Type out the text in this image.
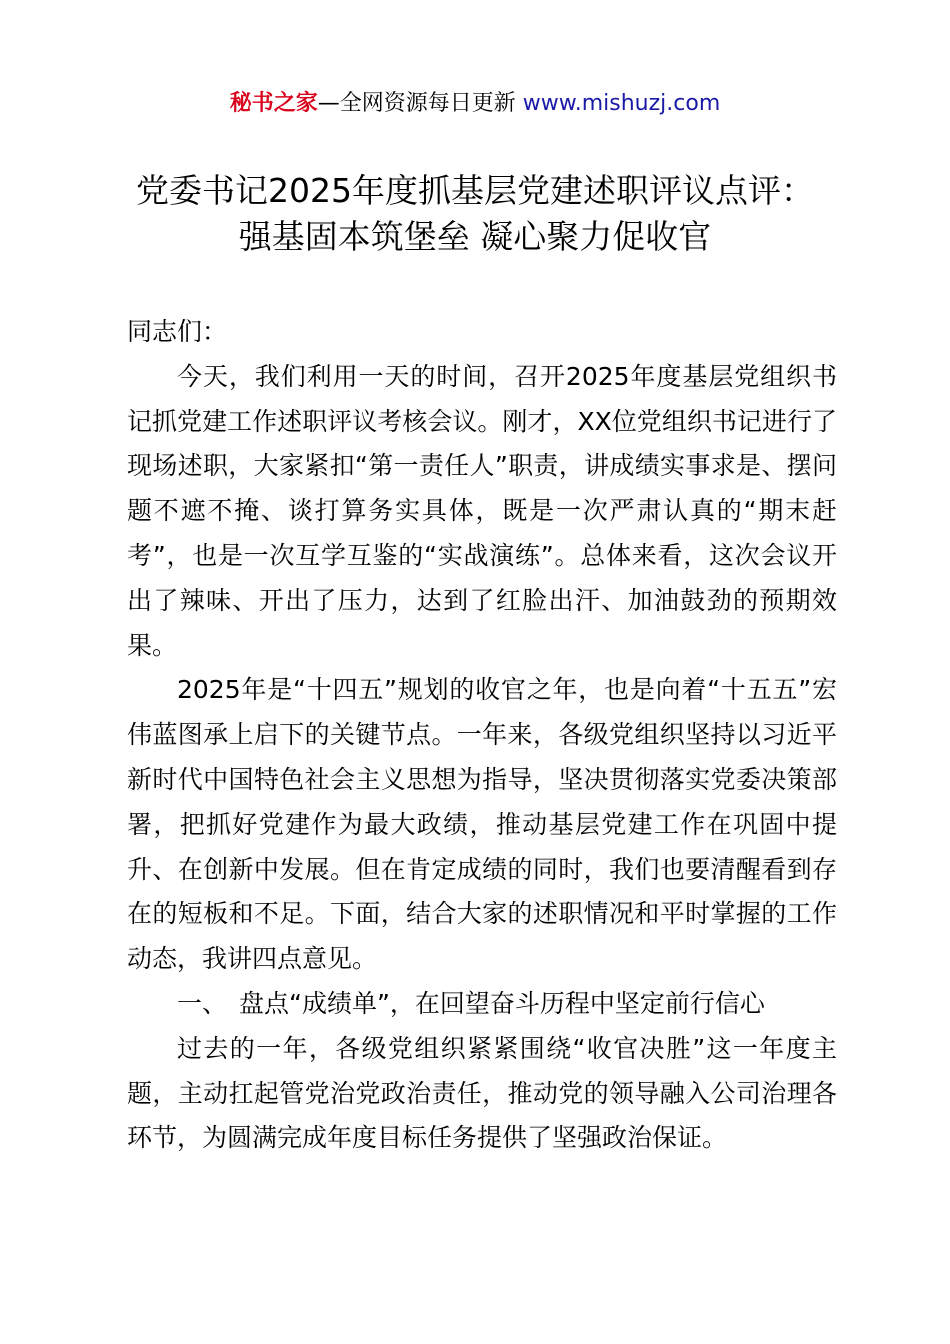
秘书之家—全网资源每日更新 www.mishuzj.com
党委书记2025年度抓基层党建述职评议点评：
强基固本筑堡垒 凝心聚力促收官

同志们：

今天，我们利用一天的时间，召开2025年度基层党组织书记抓党建工作述职评议考核会议。刚才，XX位党组织书记进行了现场述职，大家紧扣“第一责任人”职责，讲成绩实事求是、摆问题不遮不掩、谈打算务实具体，既是一次严肃认真的“期末赶考”，也是一次互学互鉴的“实战演练”。总体来看，这次会议开出了辣味、开出了压力，达到了红脸出汗、加油鼓劲的预期效果。

2025年是“十四五”规划的收官之年，也是向着“十五五”宏伟蓝图承上启下的关键节点。一年来，各级党组织坚持以习近平新时代中国特色社会主义思想为指导，坚决贯彻落实党委决策部署，把抓好党建作为最大政绩，推动基层党建工作在巩固中提升、在创新中发展。但在肯定成绩的同时，我们也要清醒看到存在的短板和不足。下面，结合大家的述职情况和平时掌握的工作动态，我讲四点意见。

一、 盘点“成绩单”，在回望奋斗历程中坚定前行信心

过去的一年，各级党组织紧紧围绕“收官决胜”这一年度主题，主动扛起管党治党政治责任，推动党的领导融入公司治理各环节，为圆满完成年度目标任务提供了坚强政治保证。
